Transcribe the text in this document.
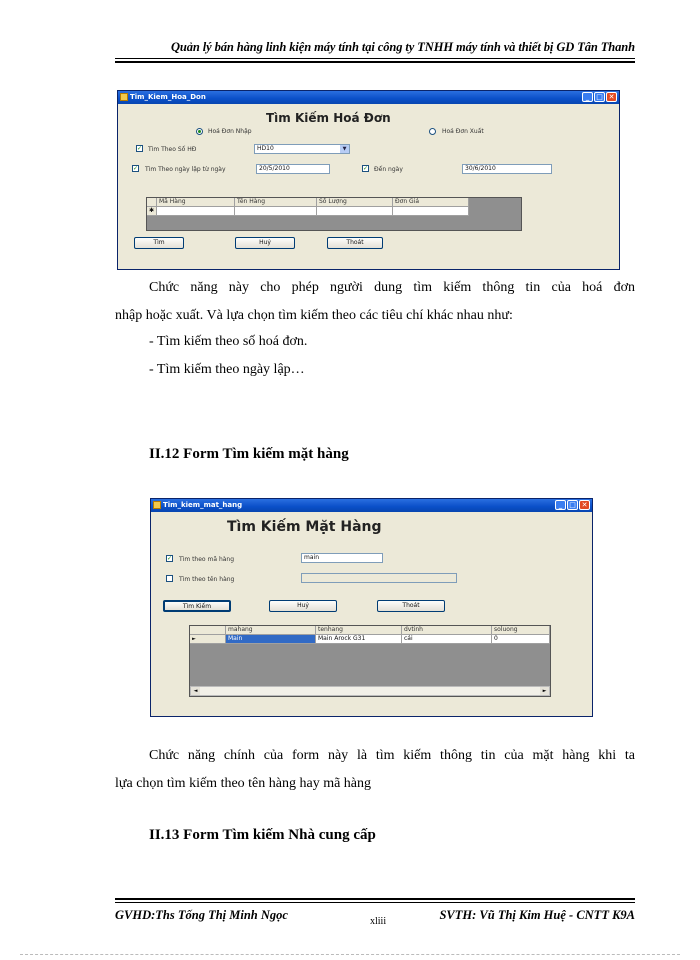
Quản lý bán hàng linh kiện máy tính tại công ty TNHH máy tính và thiết bị GD Tân Thanh
Tim_Kiem_Hoa_Don	_ □ ✕
Tìm Kiếm Hoá Đơn
Hoá Đơn Nhập	Hoá Đơn Xuất
✓ Tìm Theo Số HĐ	HD10	▼
✓ Tìm Theo ngày lập từ ngày	20/5/2010	✓ Đến ngày	30/6/2010
Mã Hàng	Tên Hàng	Số Lượng	Đơn Giá
✱
Tìm	Huỷ	Thoát
Chức năng này cho phép người dung tìm kiếm thông tin của hoá đơn
nhập hoặc xuất. Và lựa chọn tìm kiếm theo các tiêu chí khác nhau như:
- Tìm kiếm theo số hoá đơn.
- Tìm kiếm theo ngày lập…
II.12 Form Tìm kiếm mặt hàng
Tim_kiem_mat_hang	_ □ ✕
Tìm Kiếm Mặt Hàng
✓ Tìm theo mã hàng	main
Tìm theo tên hàng
Tìm Kiếm	Huỷ	Thoát
mahang	tenhang	dvtinh	soluong
►	Main	Main Arock G31	cái	0
◄	►
Chức năng chính của form này là tìm kiếm thông tin của mặt hàng khi ta
lựa chọn tìm kiếm theo tên hàng hay mã hàng
II.13 Form Tìm kiếm Nhà cung cấp
GVHD:Ths Tống Thị Minh Ngọc	xliii	SVTH: Vũ Thị Kim Huệ - CNTT K9A
